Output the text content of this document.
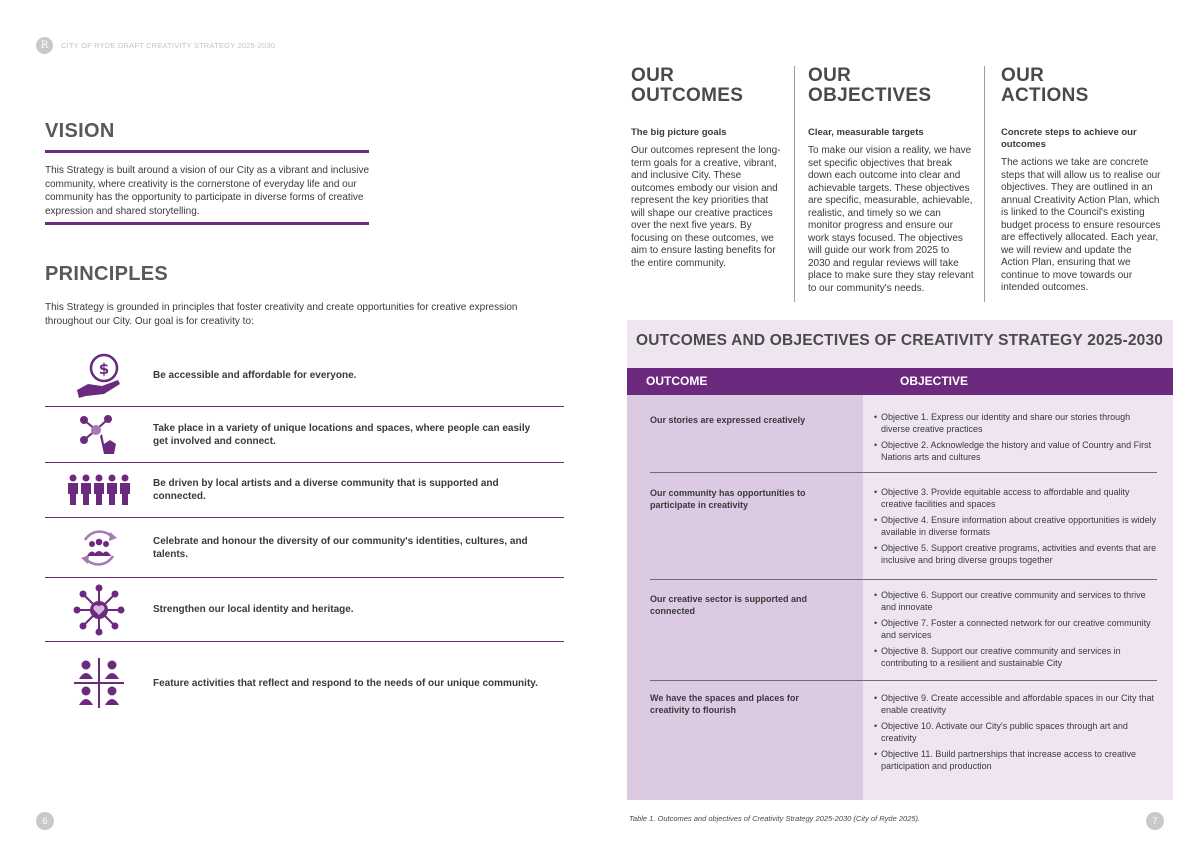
R	CITY OF RYDE DRAFT CREATIVITY STRATEGY 2025-2030
VISION
This Strategy is built around a vision of our City as a vibrant and inclusive community, where creativity is the cornerstone of everyday life and our community has the opportunity to participate in diverse forms of creative expression and shared storytelling.
PRINCIPLES
This Strategy is grounded in principles that foster creativity and create opportunities for creative expression throughout our City. Our goal is for creativity to:
$	Be accessible and affordable for everyone.
Take place in a variety of unique locations and spaces, where people can easily get involved and connect.
Be driven by local artists and a diverse community that is supported and connected.
Celebrate and honour the diversity of our community's identities, cultures, and talents.
Strengthen our local identity and heritage.
Feature activities that reflect and respond to the needs of our unique community.
OUR
OUTCOMES
The big picture goals
Our outcomes represent the long-term goals for a creative, vibrant, and inclusive City. These outcomes embody our vision and represent the key priorities that will shape our creative practices over the next five years. By focusing on these outcomes, we aim to ensure lasting benefits for the entire community.
OUR
OBJECTIVES
Clear, measurable targets
To make our vision a reality, we have set specific objectives that break down each outcome into clear and achievable targets. These objectives are specific, measurable, achievable, realistic, and timely so we can monitor progress and ensure our work stays focused. The objectives will guide our work from 2025 to 2030 and regular reviews will take place to make sure they stay relevant to our community's needs.
OUR
ACTIONS
Concrete steps to achieve our outcomes
The actions we take are concrete steps that will allow us to realise our objectives. They are outlined in an annual Creativity Action Plan, which is linked to the Council's existing budget process to ensure resources are effectively allocated. Each year, we will review and update the Action Plan, ensuring that we continue to move towards our intended outcomes.
OUTCOMES AND OBJECTIVES OF CREATIVITY STRATEGY 2025-2030
OUTCOME	OBJECTIVE
Our stories are expressed creatively
•	Objective 1. Express our identity and share our stories through diverse creative practices
• Objective 2. Acknowledge the history and value of Country and First Nations arts and cultures
Our community has opportunities to participate in creativity
• Objective 3. Provide equitable access to affordable and quality creative facilities and spaces
• Objective 4. Ensure information about creative opportunities is widely available in diverse formats
• Objective 5. Support creative programs, activities and events that are inclusive and bring diverse groups together
Our creative sector is supported and connected
• Objective 6. Support our creative community and services to thrive and innovate
• Objective 7. Foster a connected network for our creative community and services
• Objective 8. Support our creative community and services in contributing to a resilient and sustainable City
We have the spaces and places for creativity to flourish
• Objective 9. Create accessible and affordable spaces in our City that enable creativity
• Objective 10. Activate our City's public spaces through art and creativity
• Objective 11. Build partnerships that increase access to creative participation and production
Table 1. Outcomes and objectives of Creativity Strategy 2025-2030 (City of Ryde 2025).
6	7
